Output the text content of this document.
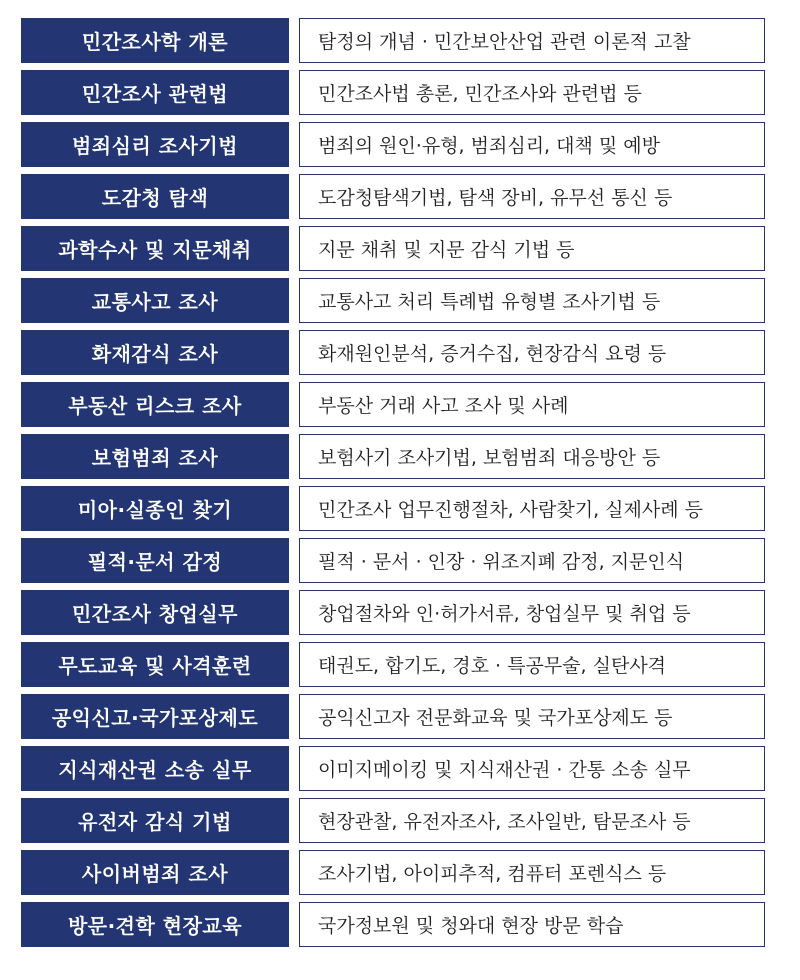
민간조사학 개론	탐정의 개념 · 민간보안산업 관련 이론적 고찰
민간조사 관련법	민간조사법 총론, 민간조사와 관련법 등
범죄심리 조사기법	범죄의 원인·유형, 범죄심리, 대책 및 예방
도감청 탐색	도감청탐색기법, 탐색 장비, 유무선 통신 등
과학수사 및 지문채취	지문 채취 및 지문 감식 기법 등
교통사고 조사	교통사고 처리 특례법 유형별 조사기법 등
화재감식 조사	화재원인분석, 증거수집, 현장감식 요령 등
부동산 리스크 조사	부동산 거래 사고 조사 및 사례
보험범죄 조사	보험사기 조사기법, 보험범죄 대응방안 등
미아·실종인 찾기	민간조사 업무진행절차, 사람찾기, 실제사례 등
필적·문서 감정	필적 · 문서 · 인장 · 위조지폐 감정, 지문인식
민간조사 창업실무	창업절차와 인·허가서류, 창업실무 및 취업 등
무도교육 및 사격훈련	태권도, 합기도, 경호 · 특공무술, 실탄사격
공익신고·국가포상제도	공익신고자 전문화교육 및 국가포상제도 등
지식재산권 소송 실무	이미지메이킹 및 지식재산권 · 간통 소송 실무
유전자 감식 기법	현장관찰, 유전자조사, 조사일반, 탐문조사 등
사이버범죄 조사	조사기법, 아이피추적, 컴퓨터 포렌식스 등
방문·견학 현장교육	국가정보원 및 청와대 현장 방문 학습
